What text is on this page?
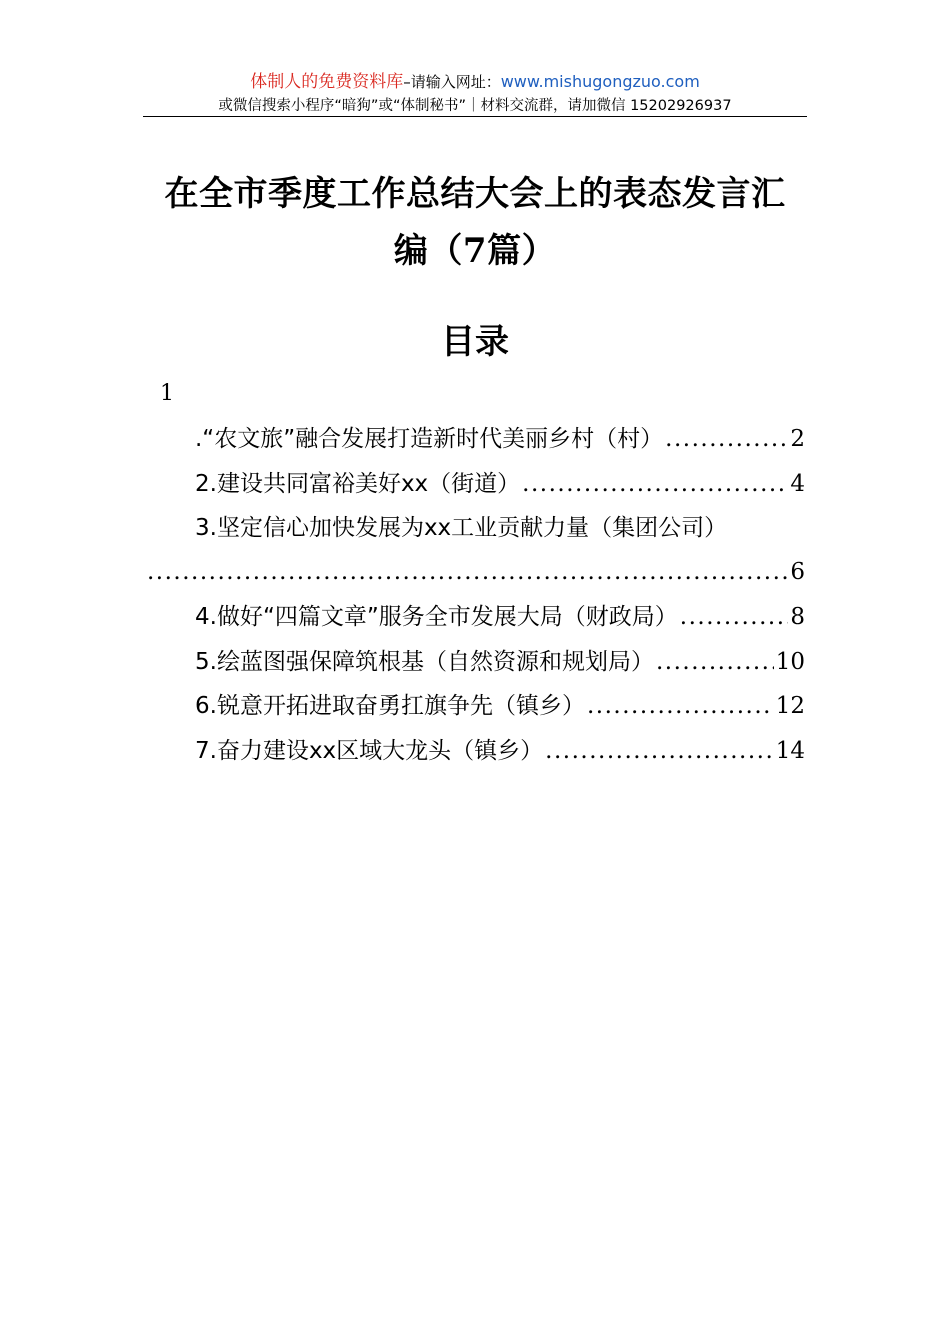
体制人的免费资料库–请输入网址：www.mishugongzuo.com
或微信搜索小程序“暗狗”或“体制秘书”｜材料交流群，请加微信 15202926937
在全市季度工作总结大会上的表态发言汇
编（7篇）
目录
1
.“农文旅”融合发展打造新时代美丽乡村（村） .....	2
2.建设共同富裕美好xx（街道） .....	4
3.坚定信心加快发展为xx工业贡献力量（集团公司）
.....
6
4.做好“四篇文章”服务全市发展大局（财政局） .....	8
5.绘蓝图强保障筑根基（自然资源和规划局） .....	10
6.锐意开拓进取奋勇扛旗争先（镇乡） .....	12
7.奋力建设xx区域大龙头（镇乡） .....	14
